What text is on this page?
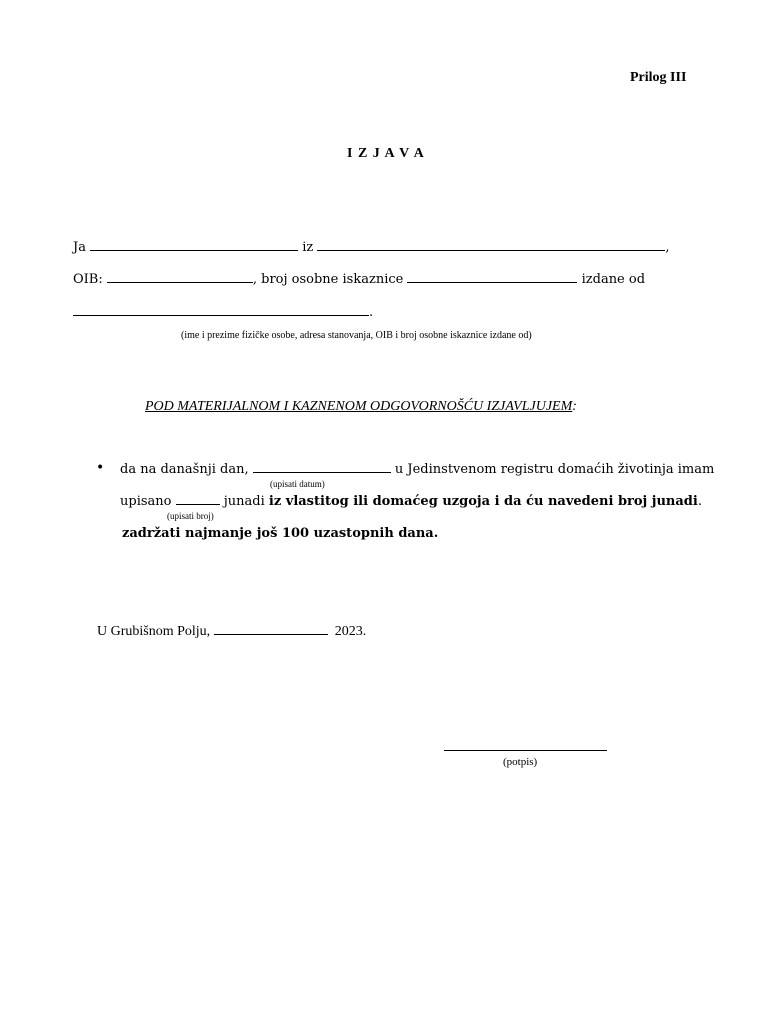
Prilog III
I Z J A V A
Ja	iz	,
OIB:	, broj osobne iskaznice	izdane od
.
(ime i prezime fizičke osobe, adresa stanovanja, OIB i broj osobne iskaznice izdane od)
POD MATERIJALNOM I KAZNENOM ODGOVORNOŠĆU IZJAVLJUJEM:
• da na današnji dan,	u Jedinstvenom registru domaćih životinja imam
(upisati datum)
upisano	junadi iz vlastitog ili domaćeg uzgoja i da ću navedeni broj junadi.
(upisati broj)
zadržati najmanje još 100 uzastopnih dana.
U Grubišnom Polju,	2023.
(potpis)
